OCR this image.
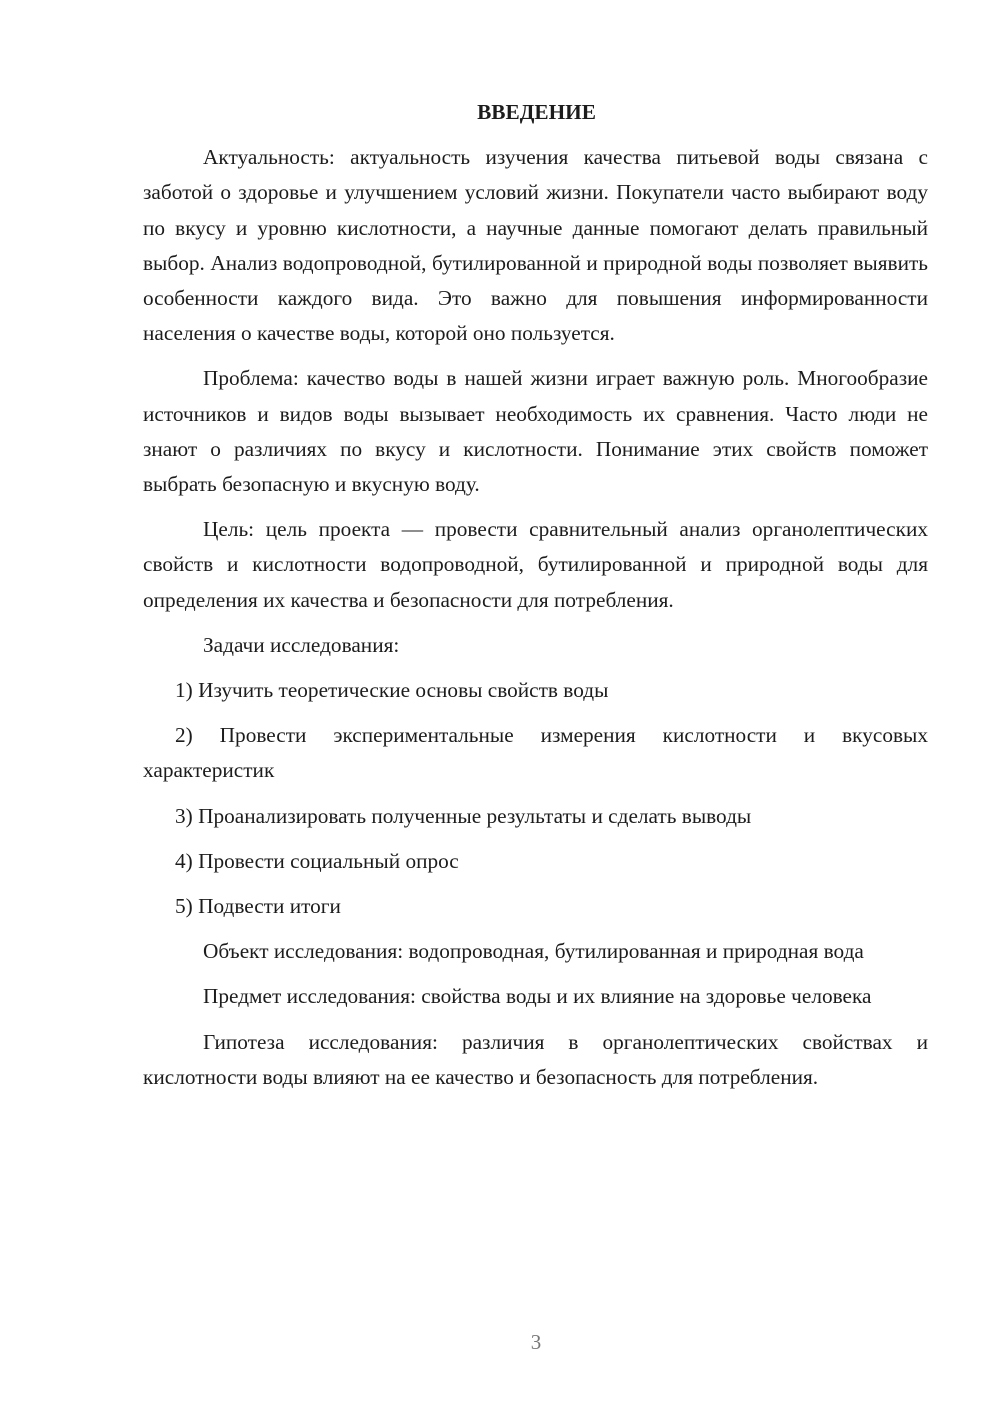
ВВЕДЕНИЕ

Актуальность: актуальность изучения качества питьевой воды связана с заботой о здоровье и улучшением условий жизни. Покупатели часто выбирают воду по вкусу и уровню кислотности, а научные данные помогают делать правильный выбор. Анализ водопроводной, бутилированной и природной воды позволяет выявить особенности каждого вида. Это важно для повышения информированности населения о качестве воды, которой оно пользуется.

Проблема: качество воды в нашей жизни играет важную роль. Многообразие источников и видов воды вызывает необходимость их сравнения. Часто люди не знают о различиях по вкусу и кислотности. Понимание этих свойств поможет выбрать безопасную и вкусную воду.

Цель: цель проекта — провести сравнительный анализ органолептических свойств и кислотности водопроводной, бутилированной и природной воды для определения их качества и безопасности для потребления.

Задачи исследования:

1) Изучить теоретические основы свойств воды

2) Провести экспериментальные измерения кислотности и вкусовых характеристик

3) Проанализировать полученные результаты и сделать выводы

4) Провести социальный опрос

5) Подвести итоги

Объект исследования: водопроводная, бутилированная и природная вода

Предмет исследования: свойства воды и их влияние на здоровье человека

Гипотеза исследования: различия в органолептических свойствах и кислотности воды влияют на ее качество и безопасность для потребления.

3
